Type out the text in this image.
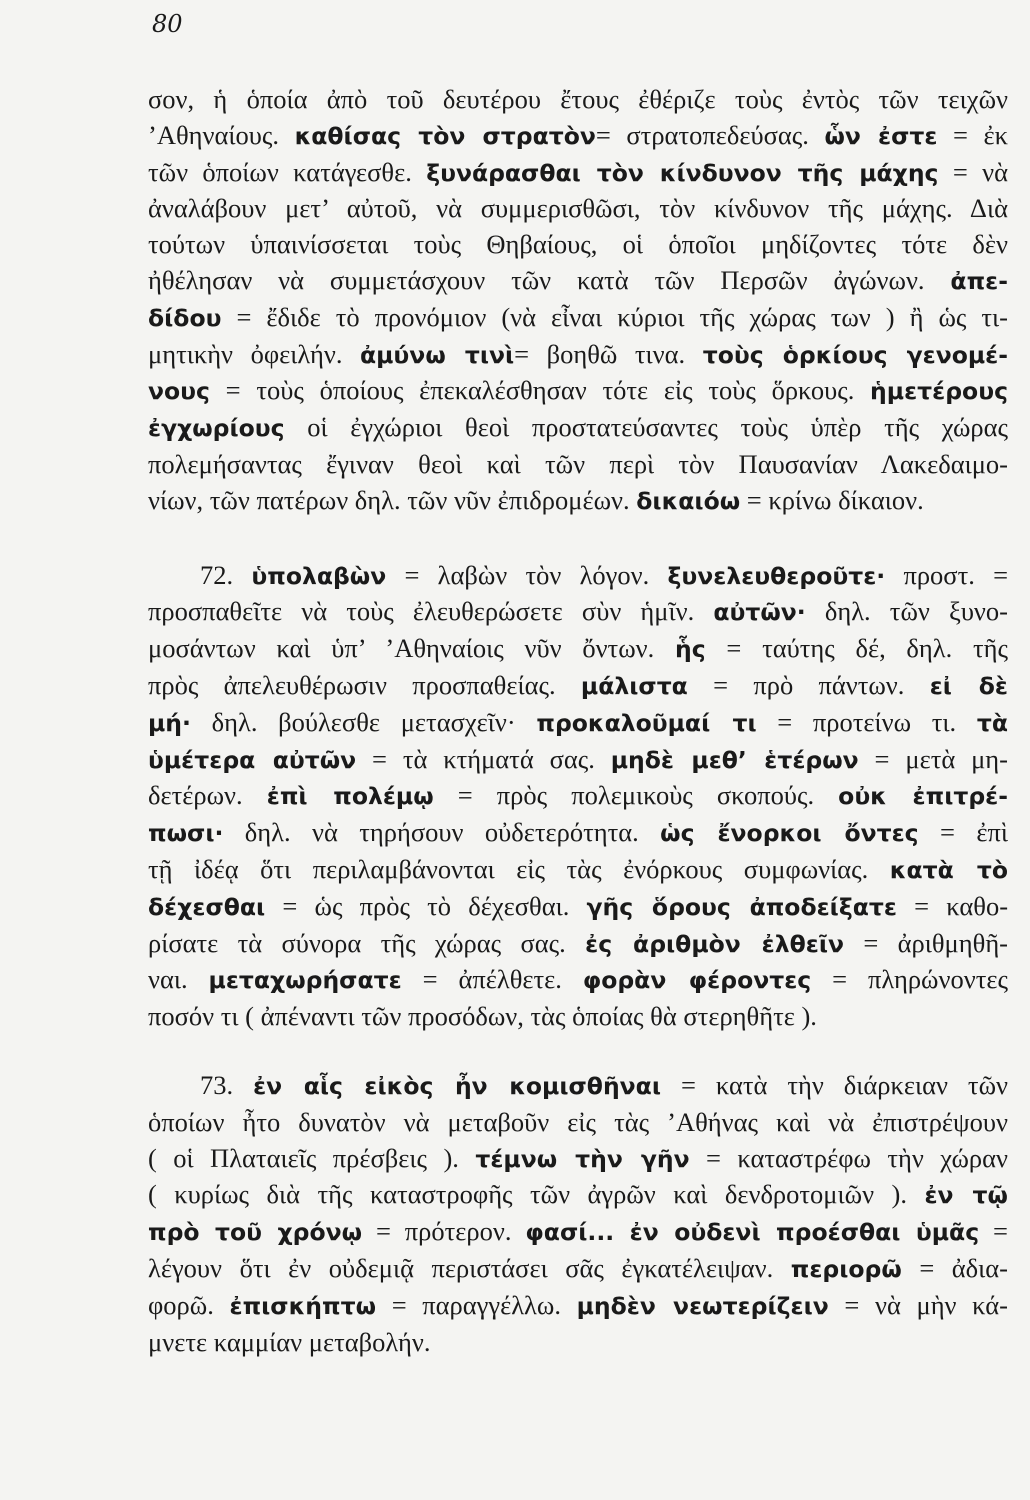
80
σον, ἡ ὁποία ἀπὸ τοῦ δευτέρου ἔτους ἐθέριζε τοὺς ἐντὸς τῶν τειχῶν
’Αθηναίους. καθίσας τὸν στρατὸν= στρατοπεδεύσας. ὧν ἐστε = ἐκ
τῶν ὁποίων κατάγεσθε. ξυνάρασθαι τὸν κίνδυνον τῆς μάχης = νὰ
ἀναλάβουν μετ’ αὐτοῦ, νὰ συμμερισθῶσι, τὸν κίνδυνον τῆς μάχης. Διὰ
τούτων ὑπαινίσσεται τοὺς Θηβαίους, οἱ ὁποῖοι μηδίζοντες τότε δὲν
ἠθέλησαν νὰ συμμετάσχουν τῶν κατὰ τῶν Περσῶν ἀγώνων. ἀπε-
δίδου = ἔδιδε τὸ προνόμιον (νὰ εἶναι κύριοι τῆς χώρας των ) ἢ ὡς τι-
μητικὴν ὀφειλήν. ἀμύνω τινὶ= βοηθῶ τινα. τοὺς ὁρκίους γενομέ-
νους = τοὺς ὁποίους ἐπεκαλέσθησαν τότε εἰς τοὺς ὅρκους. ἡμετέρους
ἐγχωρίους οἱ ἐγχώριοι θεοὶ προστατεύσαντες τοὺς ὑπὲρ τῆς χώρας
πολεμήσαντας ἔγιναν θεοὶ καὶ τῶν περὶ τὸν Παυσανίαν Λακεδαιμο-
νίων, τῶν πατέρων δηλ. τῶν νῦν ἐπιδρομέων. δικαιόω = κρίνω δίκαιον.
72. ὑπολαβὼν = λαβὼν τὸν λόγον. ξυνελευθεροῦτε· προστ. =
προσπαθεῖτε νὰ τοὺς ἐλευθερώσετε σὺν ἡμῖν. αὐτῶν· δηλ. τῶν ξυνο-
μοσάντων καὶ ὑπ’ ’Αθηναίοις νῦν ὄντων. ἧς = ταύτης δέ, δηλ. τῆς
πρὸς ἀπελευθέρωσιν προσπαθείας. μάλιστα = πρὸ πάντων. εἰ δὲ
μή· δηλ. βούλεσθε μετασχεῖν· προκαλοῦμαί τι = προτείνω τι. τὰ
ὑμέτερα αὐτῶν = τὰ κτήματά σας. μηδὲ μεθ’ ἑτέρων = μετὰ μη-
δετέρων. ἐπὶ πολέμῳ = πρὸς πολεμικοὺς σκοπούς. οὐκ ἐπιτρέ-
πωσι· δηλ. νὰ τηρήσουν οὐδετερότητα. ὡς ἔνορκοι ὄντες = ἐπὶ
τῇ ἰδέᾳ ὅτι περιλαμβάνονται εἰς τὰς ἐνόρκους συμφωνίας. κατὰ τὸ
δέχεσθαι = ὡς πρὸς τὸ δέχεσθαι. γῆς ὅρους ἀποδείξατε = καθο-
ρίσατε τὰ σύνορα τῆς χώρας σας. ἐς ἀριθμὸν ἐλθεῖν = ἀριθμηθῆ-
ναι. μεταχωρήσατε = ἀπέλθετε. φορὰν φέροντες = πληρώνοντες
ποσόν τι ( ἀπέναντι τῶν προσόδων, τὰς ὁποίας θὰ στερηθῆτε ).
73. ἐν αἷς εἰκὸς ἦν κομισθῆναι = κατὰ τὴν διάρκειαν τῶν
ὁποίων ἦτο δυνατὸν νὰ μεταβοῦν εἰς τὰς ’Αθήνας καὶ νὰ ἐπιστρέψουν
( οἱ Πλαταιεῖς πρέσβεις ). τέμνω τὴν γῆν = καταστρέφω τὴν χώραν
( κυρίως διὰ τῆς καταστροφῆς τῶν ἀγρῶν καὶ δενδροτομιῶν ). ἐν τῷ
πρὸ τοῦ χρόνῳ = πρότερον. φασί... ἐν οὐδενὶ προέσθαι ὑμᾶς =
λέγουν ὅτι ἐν οὐδεμιᾷ περιστάσει σᾶς ἐγκατέλειψαν. περιορῶ = ἀδια-
φορῶ. ἐπισκήπτω = παραγγέλλω. μηδὲν νεωτερίζειν = νὰ μὴν κά-
μνετε καμμίαν μεταβολήν.
